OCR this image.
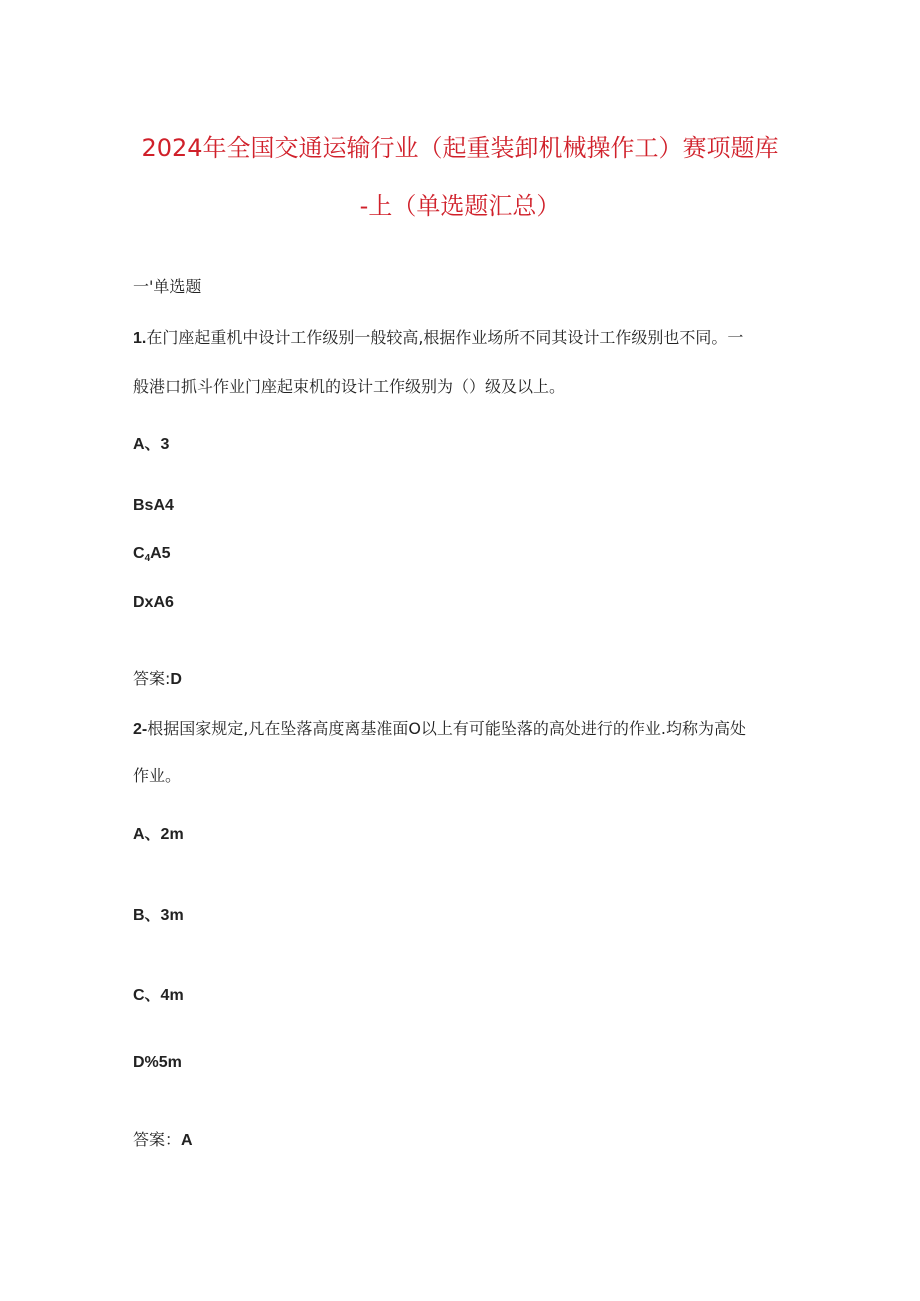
2024年全国交通运输行业（起重装卸机械操作工）赛项题库
-上（单选题汇总）
一'单选题
1.在门座起重机中设计工作级别一般较高,根据作业场所不同其设计工作级别也不同。一
般港口抓斗作业门座起束机的设计工作级别为（）级及以上。
A、3
BsA4
$C_4A5$
DxA6
答案:D
2-根据国家规定,凡在坠落高度离基准面O以上有可能坠落的高处进行的作业.均称为高处
作业。
A、2m
B、3m
C、4m
D%5m
答案：A
